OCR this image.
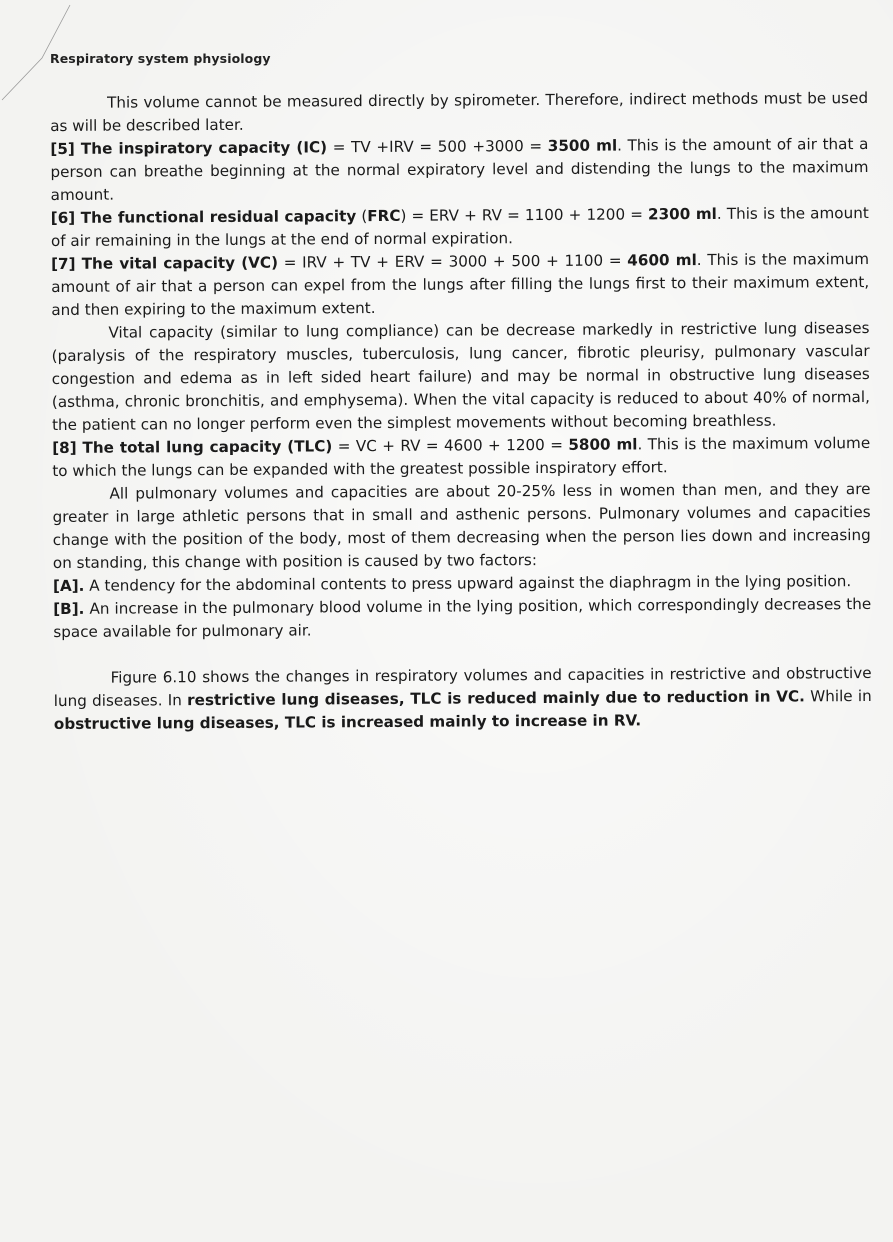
Respiratory system physiology

This volume cannot be measured directly by spirometer. Therefore, indirect methods must be used as will be described later.

[5] The inspiratory capacity (IC) = TV +IRV = 500 +3000 = 3500 ml. This is the amount of air that a person can breathe beginning at the normal expiratory level and distending the lungs to the maximum amount.

[6] The functional residual capacity (FRC) = ERV + RV = 1100 + 1200 = 2300 ml. This is the amount of air remaining in the lungs at the end of normal expiration.

[7] The vital capacity (VC) = IRV + TV + ERV = 3000 + 500 + 1100 = 4600 ml. This is the maximum amount of air that a person can expel from the lungs after filling the lungs first to their maximum extent, and then expiring to the maximum extent.

Vital capacity (similar to lung compliance) can be decrease markedly in restrictive lung diseases (paralysis of the respiratory muscles, tuberculosis, lung cancer, fibrotic pleurisy, pulmonary vascular congestion and edema as in left sided heart failure) and may be normal in obstructive lung diseases (asthma, chronic bronchitis, and emphysema). When the vital capacity is reduced to about 40% of normal, the patient can no longer perform even the simplest movements without becoming breathless.

[8] The total lung capacity (TLC) = VC + RV = 4600 + 1200 = 5800 ml. This is the maximum volume to which the lungs can be expanded with the greatest possible inspiratory effort.

All pulmonary volumes and capacities are about 20-25% less in women than men, and they are greater in large athletic persons that in small and asthenic persons. Pulmonary volumes and capacities change with the position of the body, most of them decreasing when the person lies down and increasing on standing, this change with position is caused by two factors:

[A]. A tendency for the abdominal contents to press upward against the diaphragm in the lying position.

[B]. An increase in the pulmonary blood volume in the lying position, which correspondingly decreases the space available for pulmonary air.

Figure 6.10 shows the changes in respiratory volumes and capacities in restrictive and obstructive lung diseases. In restrictive lung diseases, TLC is reduced mainly due to reduction in VC. While in obstructive lung diseases, TLC is increased mainly to increase in RV.
